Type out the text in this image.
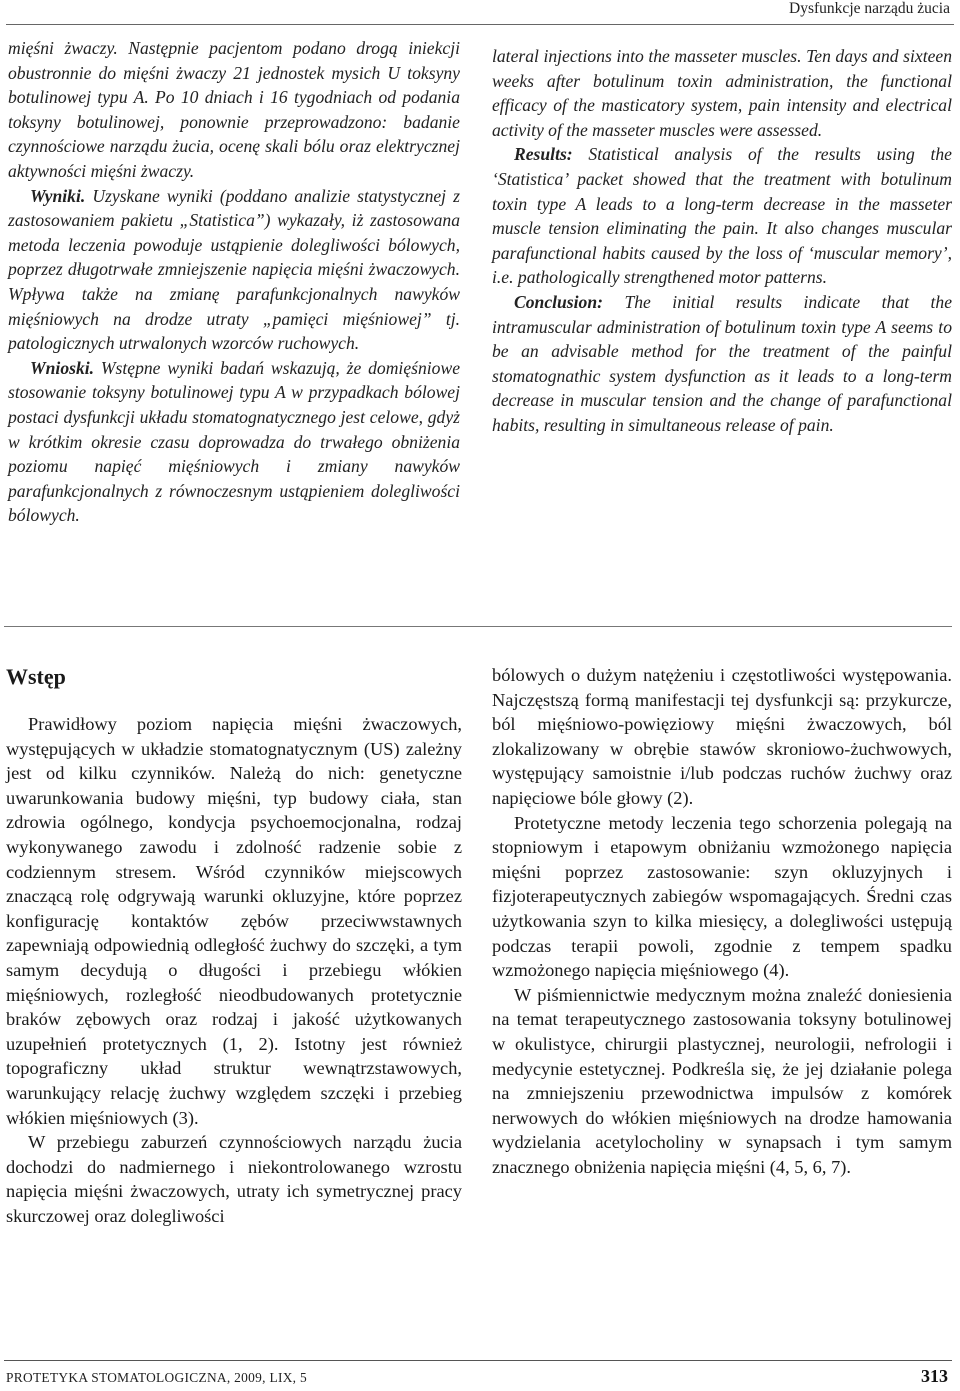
Dysfunkcje narządu żucia

mięśni żwaczy. Następnie pacjentom podano drogą iniekcji obustronnie do mięśni żwaczy 21 jednostek mysich U toksyny botulinowej typu A. Po 10 dniach i 16 tygodniach od podania toksyny botulinowej, ponownie przeprowadzono: badanie czynnościowe narządu żucia, ocenę skali bólu oraz elektrycznej aktywności mięśni żwaczy.

Wyniki. Uzyskane wyniki (poddano analizie statystycznej z zastosowaniem pakietu „Statistica”) wykazały, iż zastosowana metoda leczenia powoduje ustąpienie dolegliwości bólowych, poprzez długotrwałe zmniejszenie napięcia mięśni żwaczowych. Wpływa także na zmianę parafunkcjonalnych nawyków mięśniowych na drodze utraty „pamięci mięśniowej” tj. patologicznych utrwalonych wzorców ruchowych.

Wnioski. Wstępne wyniki badań wskazują, że domięśniowe stosowanie toksyny botulinowej typu A w przypadkach bólowej postaci dysfunkcji układu stomatognatycznego jest celowe, gdyż w krótkim okresie czasu doprowadza do trwałego obniżenia poziomu napięć mięśniowych i zmiany nawyków parafunkcjonalnych z równoczesnym ustąpieniem dolegliwości bólowych.

lateral injections into the masseter muscles. Ten days and sixteen weeks after botulinum toxin administration, the functional efficacy of the masticatory system, pain intensity and electrical activity of the masseter muscles were assessed.

Results: Statistical analysis of the results using the ‘Statistica’ packet showed that the treatment with botulinum toxin type A leads to a long-term decrease in the masseter muscle tension eliminating the pain. It also changes muscular parafunctional habits caused by the loss of ‘muscular memory’, i.e. pathologically strengthened motor patterns.

Conclusion: The initial results indicate that the intramuscular administration of botulinum toxin type A seems to be an advisable method for the treatment of the painful stomatognathic system dysfunction as it leads to a long-term decrease in muscular tension and the change of parafunctional habits, resulting in simultaneous release of pain.

Wstęp

Prawidłowy poziom napięcia mięśni żwaczowych, występujących w układzie stomatognatycznym (US) zależny jest od kilku czynników. Należą do nich: genetyczne uwarunkowania budowy mięśni, typ budowy ciała, stan zdrowia ogólnego, kondycja psychoemocjonalna, rodzaj wykonywanego zawodu i zdolność radzenie sobie z codziennym stresem. Wśród czynników miejscowych znaczącą rolę odgrywają warunki okluzyjne, które poprzez konfigurację kontaktów zębów przeciwwstawnych zapewniają odpowiednią odległość żuchwy do szczęki, a tym samym decydują o długości i przebiegu włókien mięśniowych, rozległość nieodbudowanych protetycznie braków zębowych oraz rodzaj i jakość użytkowanych uzupełnień protetycznych (1, 2). Istotny jest również topograficzny układ struktur wewnątrzstawowych, warunkujący relację żuchwy względem szczęki i przebieg włókien mięśniowych (3).

W przebiegu zaburzeń czynnościowych narządu żucia dochodzi do nadmiernego i niekontrolowanego wzrostu napięcia mięśni żwaczowych, utraty ich symetrycznej pracy skurczowej oraz dolegliwości

bólowych o dużym natężeniu i częstotliwości występowania. Najczęstszą formą manifestacji tej dysfunkcji są: przykurcze, ból mięśniowo-powięziowy mięśni żwaczowych, ból zlokalizowany w obrębie stawów skroniowo-żuchwowych, występujący samoistnie i/lub podczas ruchów żuchwy oraz napięciowe bóle głowy (2).

Protetyczne metody leczenia tego schorzenia polegają na stopniowym i etapowym obniżaniu wzmożonego napięcia mięśni poprzez zastosowanie: szyn okluzyjnych i fizjoterapeutycznych zabiegów wspomagających. Średni czas użytkowania szyn to kilka miesięcy, a dolegliwości ustępują podczas terapii powoli, zgodnie z tempem spadku wzmożonego napięcia mięśniowego (4).

W piśmiennictwie medycznym można znaleźć doniesienia na temat terapeutycznego zastosowania toksyny botulinowej w okulistyce, chirurgii plastycznej, neurologii, nefrologii i medycynie estetycznej. Podkreśla się, że jej działanie polega na zmniejszeniu przewodnictwa impulsów z komórek nerwowych do włókien mięśniowych na drodze hamowania wydzielania acetylocholiny w synapsach i tym samym znacznego obniżenia napięcia mięśni (4, 5, 6, 7).

PROTETYKA STOMATOLOGICZNA, 2009, LIX, 5	313
